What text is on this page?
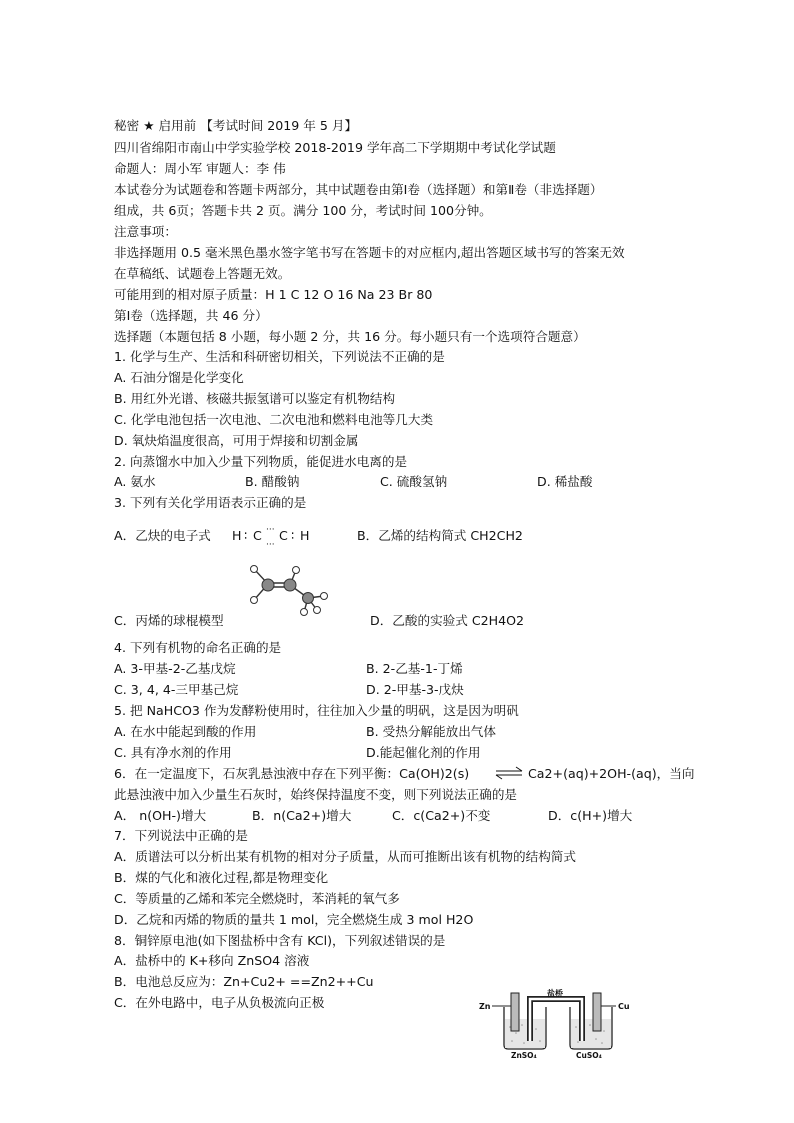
秘密 ★ 启用前 【考试时间 2019 年 5 月】
四川省绵阳市南山中学实验学校 2018-2019 学年高二下学期期中考试化学试题
命题人：周小军 审题人：李 伟
本试卷分为试题卷和答题卡两部分，其中试题卷由第Ⅰ卷（选择题）和第Ⅱ卷（非选择题）
组成，共 6页；答题卡共 2 页。满分 100 分，考试时间 100分钟。
注意事项：
非选择题用 0.5 毫米黑色墨水签字笔书写在答题卡的对应框内,超出答题区域书写的答案无效
在草稿纸、试题卷上答题无效。
可能用到的相对原子质量：H 1 C 12 O 16 Na 23 Br 80
第Ⅰ卷（选择题，共 46 分）
选择题（本题包括 8 小题，每小题 2 分，共 16 分。每小题只有一个选项符合题意）
1. 化学与生产、生活和科研密切相关，下列说法不正确的是
A. 石油分馏是化学变化
B. 用红外光谱、核磁共振氢谱可以鉴定有机物结构
C. 化学电池包括一次电池、二次电池和燃料电池等几大类
D. 氧炔焰温度很高，可用于焊接和切割金属
2. 向蒸馏水中加入少量下列物质，能促进水电离的是
A. 氨水	B. 醋酸钠	C. 硫酸氢钠	D. 稀盐酸
3. 下列有关化学用语表示正确的是
A．乙炔的电子式 H ∶ C ···
···
C ∶ H	B．乙烯的结构简式 CH2CH2
C．丙烯的球棍模型	D．乙酸的实验式 C2H4O2
4. 下列有机物的命名正确的是
A. 3-甲基-2-乙基戊烷	B. 2-乙基-1-丁烯
C. 3, 4, 4-三甲基己烷	D. 2-甲基-3-戊炔
5. 把 NaHCO3 作为发酵粉使用时，往往加入少量的明矾，这是因为明矾
A. 在水中能起到酸的作用	B. 受热分解能放出气体
C. 具有净水剂的作用	D.能起催化剂的作用
6．在一定温度下，石灰乳悬浊液中存在下列平衡：Ca(OH)2(s) ⇌ Ca2+(aq)+2OH-(aq)，当向
此悬浊液中加入少量生石灰时，始终保持温度不变，则下列说法正确的是
A． n(OH-)增大	B．n(Ca2+)增大	C．c(Ca2+)不变	D．c(H+)增大
7．下列说法中正确的是
A．质谱法可以分析出某有机物的相对分子质量，从而可推断出该有机物的结构简式
B．煤的气化和液化过程,都是物理变化
C．等质量的乙烯和苯完全燃烧时，苯消耗的氧气多
D．乙烷和丙烯的物质的量共 1 mol，完全燃烧生成 3 mol H2O
8．铜锌原电池(如下图盐桥中含有 KCl)，下列叙述错误的是
A．盐桥中的 K+移向 ZnSO4 溶液
B．电池总反应为：Zn+Cu2+ ==Zn2++Cu
C．在外电路中，电子从负极流向正极	Zn	Cu
盐桥
ZnSO₄	CuSO₄
